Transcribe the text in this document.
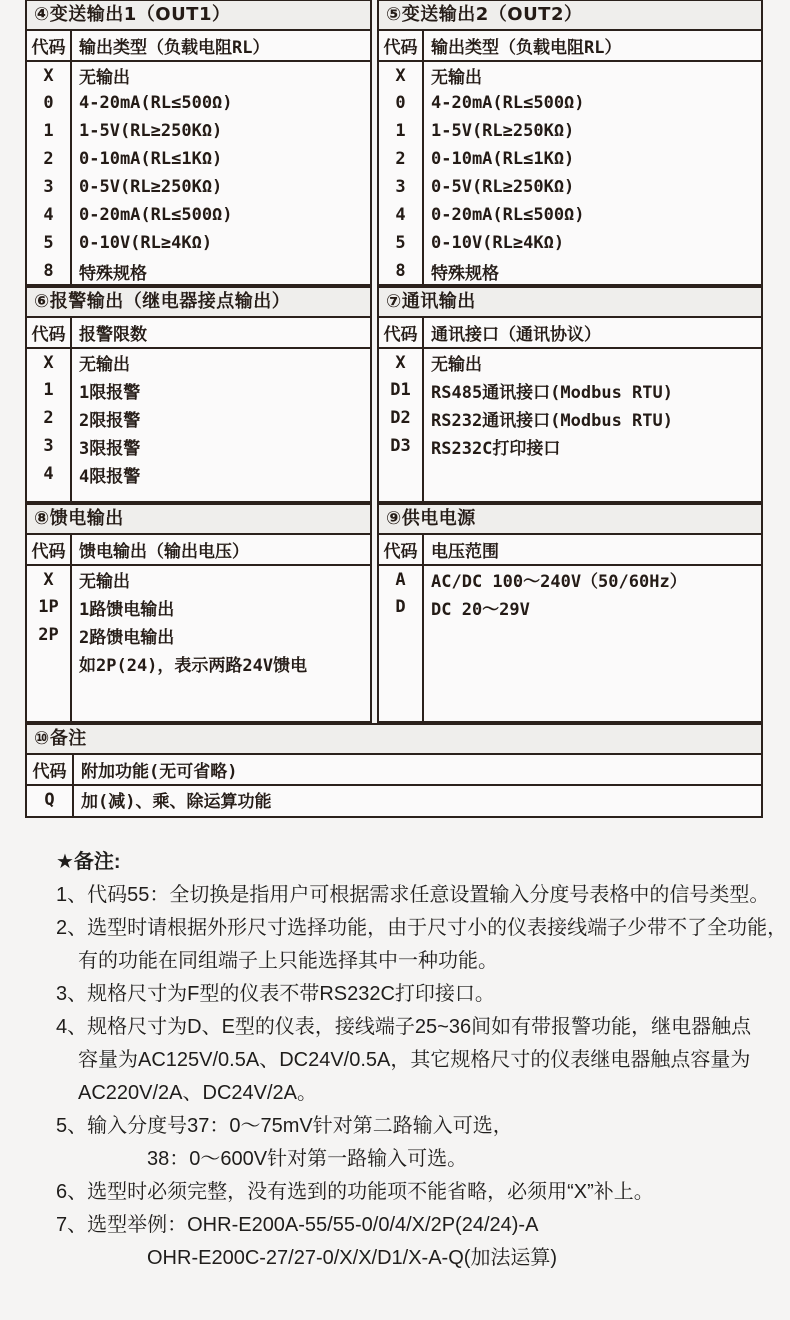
④变送输出1（OUT1）
代码	输出类型（负载电阻RL）
X	无输出
0	4-20mA(RL≤500Ω)
1	1-5V(RL≥250KΩ)
2	0-10mA(RL≤1KΩ)
3	0-5V(RL≥250KΩ)
4	0-20mA(RL≤500Ω)
5	0-10V(RL≥4KΩ)
8	特殊规格

⑤变送输出2（OUT2）
代码	输出类型（负载电阻RL）
X	无输出
0	4-20mA(RL≤500Ω)
1	1-5V(RL≥250KΩ)
2	0-10mA(RL≤1KΩ)
3	0-5V(RL≥250KΩ)
4	0-20mA(RL≤500Ω)
5	0-10V(RL≥4KΩ)
8	特殊规格

⑥报警输出（继电器接点输出）
代码	报警限数
X	无输出
1	1限报警
2	2限报警
3	3限报警
4	4限报警

⑦通讯输出
代码	通讯接口（通讯协议）
X	无输出
D1	RS485通讯接口(Modbus RTU)
D2	RS232通讯接口(Modbus RTU)
D3	RS232C打印接口

⑧馈电输出
代码	馈电输出（输出电压）
X	无输出
1P	1路馈电输出
2P	2路馈电输出
	如2P(24)，表示两路24V馈电

⑨供电电源
代码	电压范围
A	AC/DC 100～240V（50/60Hz）
D	DC 20～29V

⑩备注
代码	附加功能(无可省略)
Q	加(减)、乘、除运算功能

★备注:
1、代码55：全切换是指用户可根据需求任意设置输入分度号表格中的信号类型。
2、选型时请根据外形尺寸选择功能，由于尺寸小的仪表接线端子少带不了全功能，
有的功能在同组端子上只能选择其中一种功能。
3、规格尺寸为F型的仪表不带RS232C打印接口。
4、规格尺寸为D、E型的仪表，接线端子25~36间如有带报警功能，继电器触点
容量为AC125V/0.5A、DC24V/0.5A，其它规格尺寸的仪表继电器触点容量为
AC220V/2A、DC24V/2A。
5、输入分度号37：0～75mV针对第二路输入可选，
38：0～600V针对第一路输入可选。
6、选型时必须完整，没有选到的功能项不能省略，必须用“X”补上。
7、选型举例：OHR-E200A-55/55-0/0/4/X/2P(24/24)-A
OHR-E200C-27/27-0/X/X/D1/X-A-Q(加法运算)
